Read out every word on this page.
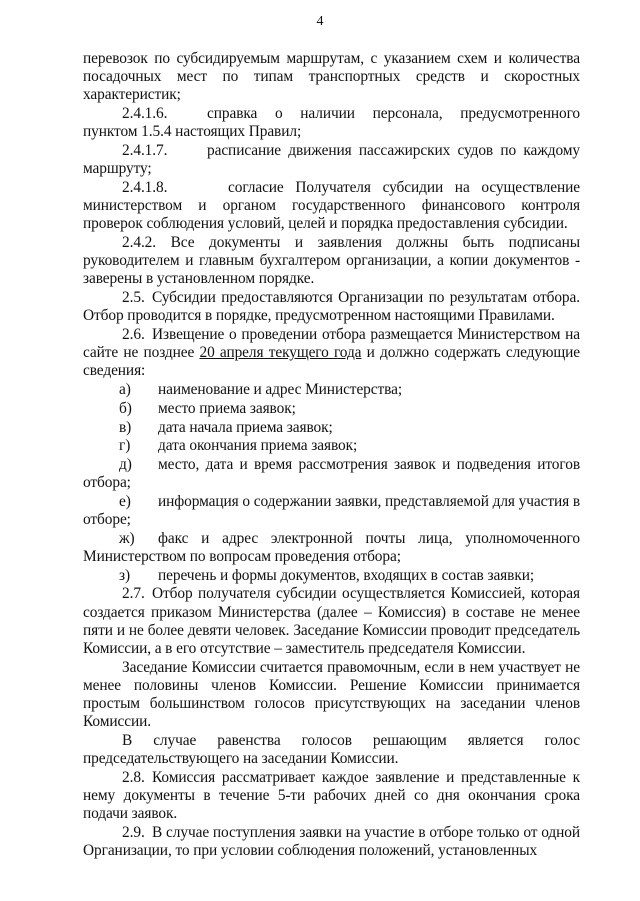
4

перевозок по субсидируемым маршрутам, с указанием схем и количества посадочных мест по типам транспортных средств и скоростных характеристик;

2.4.1.6.	справка о наличии персонала, предусмотренного пунктом 1.5.4 настоящих Правил;

2.4.1.7.	расписание движения пассажирских судов по каждому маршруту;

2.4.1.8.	согласие Получателя субсидии на осуществление министерством и органом государственного финансового контроля проверок соблюдения условий, целей и порядка предоставления субсидии.

2.4.2. Все документы и заявления должны быть подписаны руководителем и главным бухгалтером организации, а копии документов - заверены в установленном порядке.

2.5. Субсидии предоставляются Организации по результатам отбора. Отбор проводится в порядке, предусмотренном настоящими Правилами.

2.6. Извещение о проведении отбора размещается Министерством на сайте не позднее 20 апреля текущего года и должно содержать следующие сведения:

а) наименование и адрес Министерства;

б) место приема заявок;

в) дата начала приема заявок;

г) дата окончания приема заявок;

д) место, дата и время рассмотрения заявок и подведения итогов отбора;

е) информация о содержании заявки, представляемой для участия в отборе;

ж) факс и адрес электронной почты лица, уполномоченного Министерством по вопросам проведения отбора;

з) перечень и формы документов, входящих в состав заявки;

2.7. Отбор получателя субсидии осуществляется Комиссией, которая создается приказом Министерства (далее – Комиссия) в составе не менее пяти и не более девяти человек. Заседание Комиссии проводит председатель Комиссии, а в его отсутствие – заместитель председателя Комиссии.

Заседание Комиссии считается правомочным, если в нем участвует не менее половины членов Комиссии. Решение Комиссии принимается простым большинством голосов присутствующих на заседании членов Комиссии.

В случае равенства голосов решающим является голос председательствующего на заседании Комиссии.

2.8. Комиссия рассматривает каждое заявление и представленные к нему документы в течение 5-ти рабочих дней со дня окончания срока подачи заявок.

2.9. В случае поступления заявки на участие в отборе только от одной Организации, то при условии соблюдения положений, установленных
